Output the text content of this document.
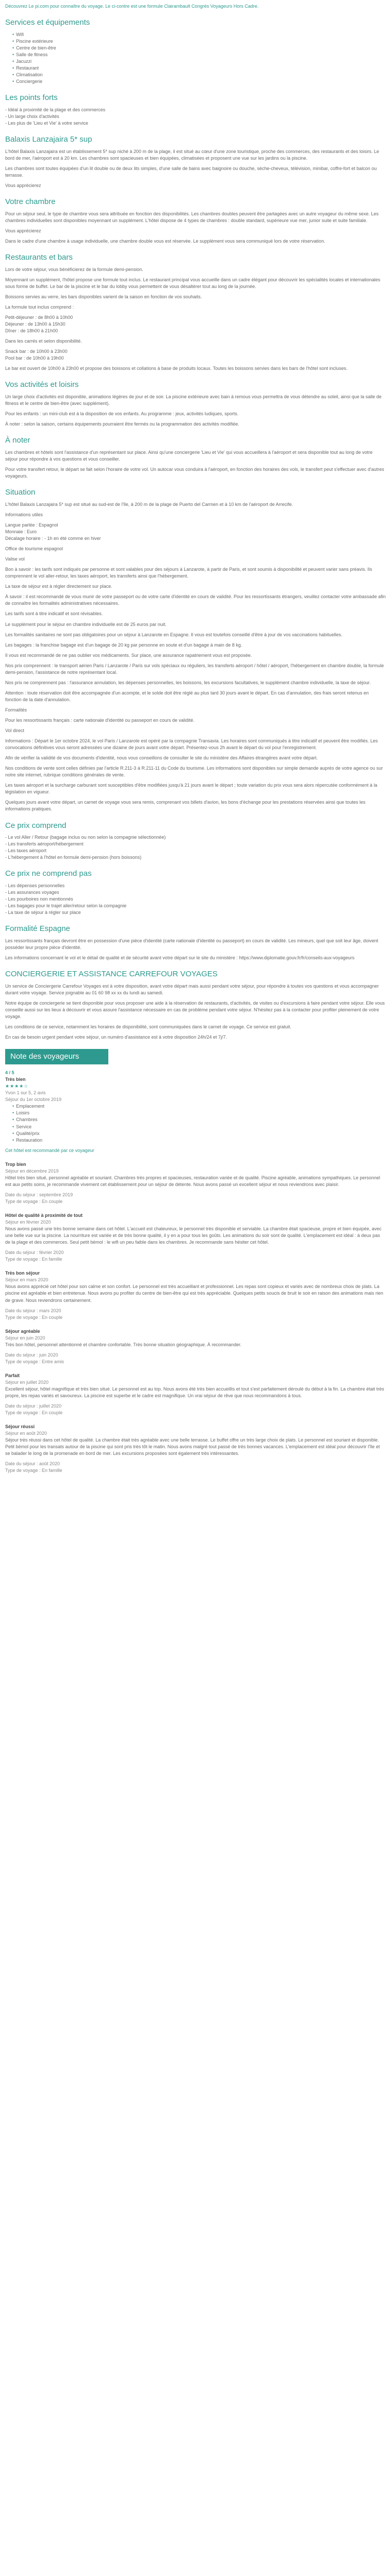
Découvrez Le pi.com pour connaître du voyage. Le ci-contre est une formule Clairambault Congrès Voyageurs Hors Cadre.

Services et équipements
• Wifi
• Piscine extérieure
• Centre de bien-être
• Salle de fitness
• Jacuzzi
• Restaurant
• Climatisation
• Conciergerie
Les points forts

- Idéal à proximité de la plage et des commerces

- Un large choix d'activités

- Les plus de 'Lieu et Vie' à votre service

Balaxis Lanzajaira 5* sup

L'hôtel Balaxis Lanzajaira est un établissement 5* sup niché à 200 m de la plage, il est situé au cœur d'une zone touristique, proche des commerces, des restaurants et des loisirs. Le bord de mer, l'aéroport est à 20 km. Les chambres sont spacieuses et bien équipées, climatisées et proposent une vue sur les jardins ou la piscine.

Les chambres sont toutes équipées d'un lit double ou de deux lits simples, d'une salle de bains avec baignoire ou douche, sèche-cheveux, télévision, minibar, coffre-fort et balcon ou terrasse.

Vous apprécierez

Votre chambre

Pour un séjour seul, le type de chambre vous sera attribuée en fonction des disponibilités. Les chambres doubles peuvent être partagées avec un autre voyageur du même sexe. Les chambres individuelles sont disponibles moyennant un supplément. L'hôtel dispose de 4 types de chambres : double standard, supérieure vue mer, junior suite et suite familiale.

Vous apprécierez

Dans le cadre d'une chambre à usage individuelle, une chambre double vous est réservée. Le supplément vous sera communiqué lors de votre réservation.

Restaurants et bars

Lors de votre séjour, vous bénéficierez de la formule demi-pension.

Moyennant un supplément, l'hôtel propose une formule tout inclus. Le restaurant principal vous accueille dans un cadre élégant pour découvrir les spécialités locales et internationales sous forme de buffet. Le bar de la piscine et le bar du lobby vous permettent de vous désaltérer tout au long de la journée.

Boissons servies au verre, les bars disponibles varient de la saison en fonction de vos souhaits.

La formule tout inclus comprend :

Petit-déjeuner : de 8h00 à 10h00

Déjeuner : de 13h00 à 15h30

Dîner : de 18h00 à 21h00

Dans les carrés et selon disponibilité.

Snack bar : de 10h00 à 23h00

Pool bar : de 10h00 à 19h00

Le bar est ouvert de 10h00 à 23h00 et propose des boissons et collations à base de produits locaux. Toutes les boissons servies dans les bars de l'hôtel sont incluses.

Vos activités et loisirs

Un large choix d'activités est disponible, animations légères de jour et de soir. La piscine extérieure avec bain à remous vous permettra de vous détendre au soleil, ainsi que la salle de fitness et le centre de bien-être (avec supplément).

Pour les enfants : un mini-club est à la disposition de vos enfants. Au programme : jeux, activités ludiques, sports.

À noter : selon la saison, certains équipements pourraient être fermés ou la programmation des activités modifiée.

À noter

Les chambres et hôtels sont l'assistance d'un représentant sur place. Ainsi qu'une conciergerie 'Lieu et Vie' qui vous accueillera à l'aéroport et sera disponible tout au long de votre séjour pour répondre à vos questions et vous conseiller.

Pour votre transfert retour, le départ se fait selon l'horaire de votre vol. Un autocar vous conduira à l'aéroport, en fonction des horaires des vols, le transfert peut s'effectuer avec d'autres voyageurs.

Situation

L'hôtel Balaxis Lanzajaira 5* sup est situé au sud-est de l'île, à 200 m de la plage de Puerto del Carmen et à 10 km de l'aéroport de Arrecife.

Informations utiles

Langue parlée : Espagnol

Monnaie : Euro

Décalage horaire : - 1h en été comme en hiver

Office de tourisme espagnol

Valise vol

Bon à savoir : les tarifs sont indiqués par personne et sont valables pour des séjours à Lanzarote, à partir de Paris, et sont soumis à disponibilité et peuvent varier sans préavis. Ils comprennent le vol aller-retour, les taxes aéroport, les transferts ainsi que l'hébergement.

La taxe de séjour est à régler directement sur place.

À savoir : il est recommandé de vous munir de votre passeport ou de votre carte d'identité en cours de validité. Pour les ressortissants étrangers, veuillez contacter votre ambassade afin de connaître les formalités administratives nécessaires.

Les tarifs sont à titre indicatif et sont révisables.

Le supplément pour le séjour en chambre individuelle est de 25 euros par nuit.

Les formalités sanitaires ne sont pas obligatoires pour un séjour à Lanzarote en Espagne. Il vous est toutefois conseillé d'être à jour de vos vaccinations habituelles.

Les bagages : la franchise bagage est d'un bagage de 20 kg par personne en soute et d'un bagage à main de 8 kg.

Il vous est recommandé de ne pas oublier vos médicaments. Sur place, une assurance rapatriement vous est proposée.

Nos prix comprennent : le transport aérien Paris / Lanzarote / Paris sur vols spéciaux ou réguliers, les transferts aéroport / hôtel / aéroport, l'hébergement en chambre double, la formule demi-pension, l'assistance de notre représentant local.

Nos prix ne comprennent pas : l'assurance annulation, les dépenses personnelles, les boissons, les excursions facultatives, le supplément chambre individuelle, la taxe de séjour.

Attention : toute réservation doit être accompagnée d'un acompte, et le solde doit être réglé au plus tard 30 jours avant le départ. En cas d'annulation, des frais seront retenus en fonction de la date d'annulation.

Formalités

Pour les ressortissants français : carte nationale d'identité ou passeport en cours de validité.

Vol direct

Informations : Départ le 1er octobre 2024, le vol Paris / Lanzarote est opéré par la compagnie Transavia. Les horaires sont communiqués à titre indicatif et peuvent être modifiés. Les convocations définitives vous seront adressées une dizaine de jours avant votre départ. Présentez-vous 2h avant le départ du vol pour l'enregistrement.

Afin de vérifier la validité de vos documents d'identité, nous vous conseillons de consulter le site du ministère des Affaires étrangères avant votre départ.

Nos conditions de vente sont celles définies par l'article R.211-3 à R.211-11 du Code du tourisme. Les informations sont disponibles sur simple demande auprès de votre agence ou sur notre site internet, rubrique conditions générales de vente.

Les taxes aéroport et la surcharge carburant sont susceptibles d'être modifiées jusqu'à 21 jours avant le départ ; toute variation du prix vous sera alors répercutée conformément à la législation en vigueur.

Quelques jours avant votre départ, un carnet de voyage vous sera remis, comprenant vos billets d'avion, les bons d'échange pour les prestations réservées ainsi que toutes les informations pratiques.

Ce prix comprend

- Le vol Aller / Retour (bagage inclus ou non selon la compagnie sélectionnée)

- Les transferts aéroport/hébergement

- Les taxes aéroport

- L'hébergement à l'hôtel en formule demi-pension (hors boissons)

Ce prix ne comprend pas

- Les dépenses personnelles

- Les assurances voyages

- Les pourboires non mentionnés

- Les bagages pour le trajet aller/retour selon la compagnie

- La taxe de séjour à régler sur place

Formalité Espagne

Les ressortissants français devront être en possession d'une pièce d'identité (carte nationale d'identité ou passeport) en cours de validité. Les mineurs, quel que soit leur âge, doivent posséder leur propre pièce d'identité.

Les informations concernant le vol et le détail de qualité et de sécurité avant votre départ sur le site du ministère : https://www.diplomatie.gouv.fr/fr/conseils-aux-voyageurs

CONCIERGERIE ET ASSISTANCE CARREFOUR VOYAGES

Un service de Conciergerie Carrefour Voyages est à votre disposition, avant votre départ mais aussi pendant votre séjour, pour répondre à toutes vos questions et vous accompagner durant votre voyage. Service joignable au 01 60 98 xx xx du lundi au samedi.

Notre équipe de conciergerie se tient disponible pour vous proposer une aide à la réservation de restaurants, d'activités, de visites ou d'excursions à faire pendant votre séjour. Elle vous conseille aussi sur les lieux à découvrir et vous assure l'assistance nécessaire en cas de problème pendant votre séjour. N'hésitez pas à la contacter pour profiter pleinement de votre voyage.

Les conditions de ce service, notamment les horaires de disponibilité, sont communiquées dans le carnet de voyage. Ce service est gratuit.

En cas de besoin urgent pendant votre séjour, un numéro d'assistance est à votre disposition 24h/24 et 7j/7.

Note des voyageurs
4 / 5
Très bien
★★★★☆
Yvon 1 sur 5, 2 avis
Séjour du 1er octobre 2019
• Emplacement
• Loisirs
• Chambres
• Service
• Qualité/prix
• Restauration
Cet hôtel est recommandé par ce voyageur
Trop bien
Séjour en décembre 2019

Hôtel très bien situé, personnel agréable et souriant. Chambres très propres et spacieuses, restauration variée et de qualité. Piscine agréable, animations sympathiques. Le personnel est aux petits soins, je recommande vivement cet établissement pour un séjour de détente. Nous avons passé un excellent séjour et nous reviendrons avec plaisir.

Date du séjour : septembre 2019
Type de voyage : En couple
Hôtel de qualité à proximité de tout
Séjour en février 2020

Nous avons passé une très bonne semaine dans cet hôtel. L'accueil est chaleureux, le personnel très disponible et serviable. La chambre était spacieuse, propre et bien équipée, avec une belle vue sur la piscine. La nourriture est variée et de très bonne qualité, il y en a pour tous les goûts. Les animations du soir sont de qualité. L'emplacement est idéal : à deux pas de la plage et des commerces. Seul petit bémol : le wifi un peu faible dans les chambres. Je recommande sans hésiter cet hôtel.

Date du séjour : février 2020
Type de voyage : En famille
Très bon séjour
Séjour en mars 2020

Nous avons apprécié cet hôtel pour son calme et son confort. Le personnel est très accueillant et professionnel. Les repas sont copieux et variés avec de nombreux choix de plats. La piscine est agréable et bien entretenue. Nous avons pu profiter du centre de bien-être qui est très appréciable. Quelques petits soucis de bruit le soir en raison des animations mais rien de grave. Nous reviendrons certainement.

Date du séjour : mars 2020
Type de voyage : En couple
Séjour agréable
Séjour en juin 2020

Très bon hôtel, personnel attentionné et chambre confortable. Très bonne situation géographique. À recommander.

Date du séjour : juin 2020
Type de voyage : Entre amis
Parfait
Séjour en juillet 2020

Excellent séjour, hôtel magnifique et très bien situé. Le personnel est au top. Nous avons été très bien accueillis et tout s'est parfaitement déroulé du début à la fin. La chambre était très propre, les repas variés et savoureux. La piscine est superbe et le cadre est magnifique. Un vrai séjour de rêve que nous recommandons à tous.

Date du séjour : juillet 2020
Type de voyage : En couple
Séjour réussi
Séjour en août 2020

Séjour très réussi dans cet hôtel de qualité. La chambre était très agréable avec une belle terrasse. Le buffet offre un très large choix de plats. Le personnel est souriant et disponible. Petit bémol pour les transats autour de la piscine qui sont pris très tôt le matin. Nous avons malgré tout passé de très bonnes vacances. L'emplacement est idéal pour découvrir l'île et se balader le long de la promenade en bord de mer. Les excursions proposées sont également très intéressantes.

Date du séjour : août 2020
Type de voyage : En famille
